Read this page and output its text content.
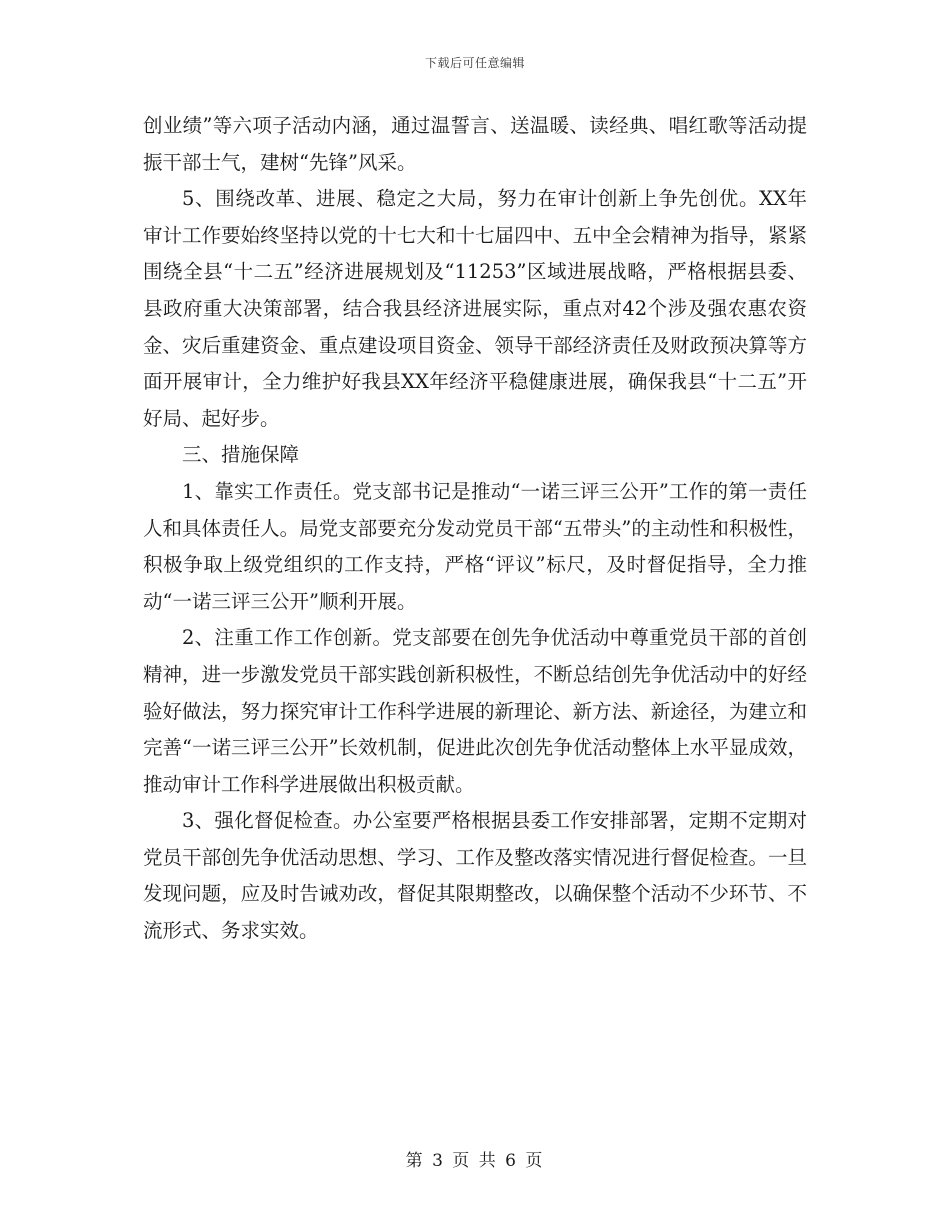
下载后可任意编辑

创业绩”等六项子活动内涵，通过温誓言、送温暖、读经典、唱红歌等活动提振干部士气，建树“先锋”风采。

5、围绕改革、进展、稳定之大局，努力在审计创新上争先创优。XX年审计工作要始终坚持以党的十七大和十七届四中、五中全会精神为指导，紧紧围绕全县“十二五”经济进展规划及“11253”区域进展战略，严格根据县委、县政府重大决策部署，结合我县经济进展实际，重点对42个涉及强农惠农资金、灾后重建资金、重点建设项目资金、领导干部经济责任及财政预决算等方面开展审计，全力维护好我县XX年经济平稳健康进展，确保我县“十二五”开好局、起好步。

三、措施保障

1、靠实工作责任。党支部书记是推动“一诺三评三公开”工作的第一责任人和具体责任人。局党支部要充分发动党员干部“五带头”的主动性和积极性，积极争取上级党组织的工作支持，严格“评议”标尺，及时督促指导，全力推动“一诺三评三公开”顺利开展。

2、注重工作工作创新。党支部要在创先争优活动中尊重党员干部的首创精神，进一步激发党员干部实践创新积极性，不断总结创先争优活动中的好经验好做法，努力探究审计工作科学进展的新理论、新方法、新途径，为建立和完善“一诺三评三公开”长效机制，促进此次创先争优活动整体上水平显成效，推动审计工作科学进展做出积极贡献。

3、强化督促检查。办公室要严格根据县委工作安排部署，定期不定期对党员干部创先争优活动思想、学习、工作及整改落实情况进行督促检查。一旦发现问题，应及时告诫劝改，督促其限期整改，以确保整个活动不少环节、不流形式、务求实效。

第 3 页 共 6 页
